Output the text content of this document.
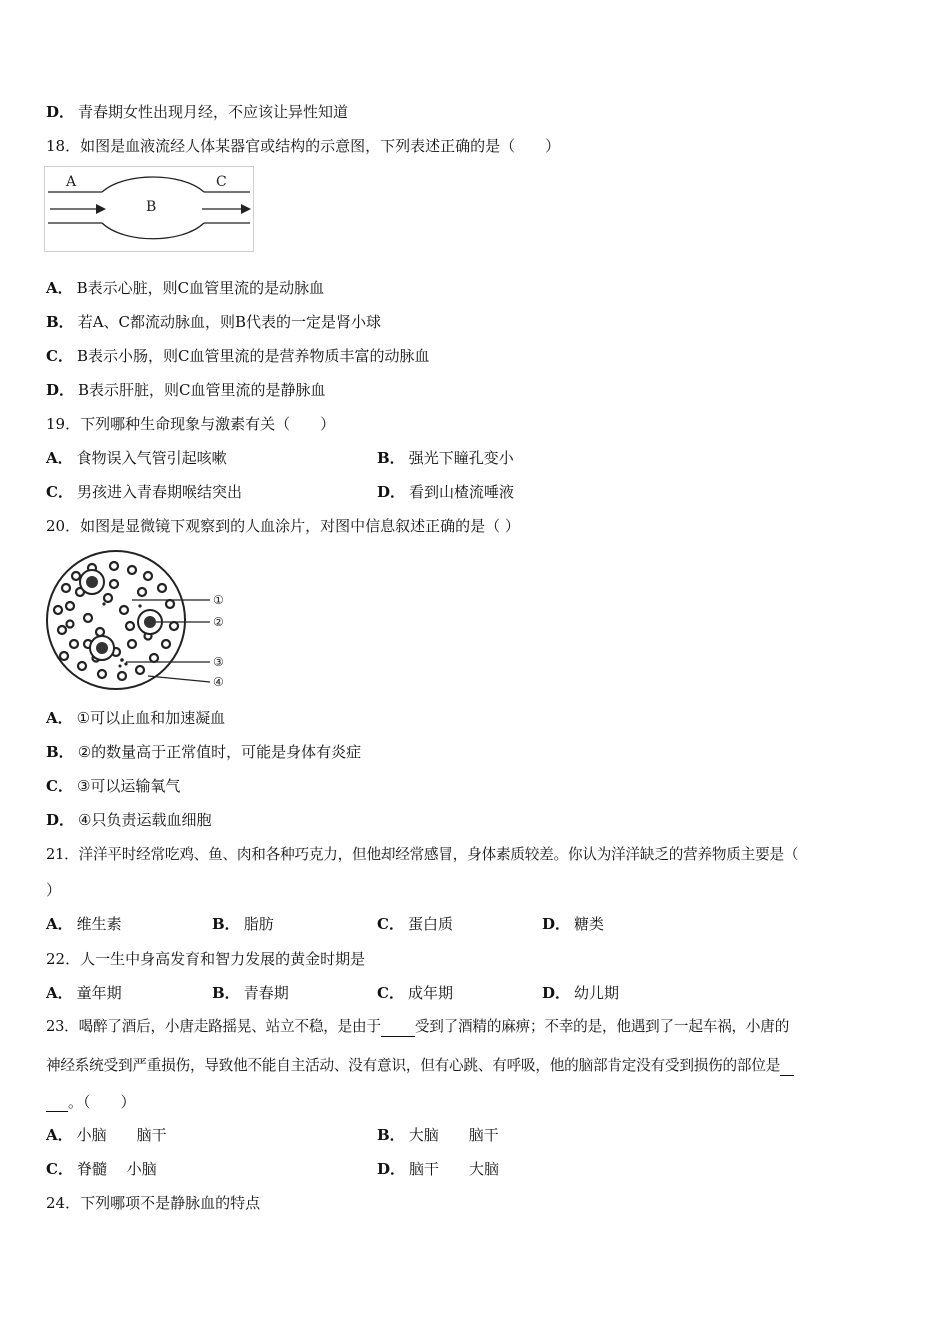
D． 青春期女性出现月经，不应该让异性知道
18．如图是血液流经人体某器官或结构的示意图，下列表述正确的是（　　）
A
B
C
A． B表示心脏，则C血管里流的是动脉血
B． 若A、C都流动脉血，则B代表的一定是肾小球
C． B表示小肠，则C血管里流的是营养物质丰富的动脉血
D． B表示肝脏，则C血管里流的是静脉血
19．下列哪种生命现象与激素有关（　　）
A． 食物误入气管引起咳嗽	B． 强光下瞳孔变小
C． 男孩进入青春期喉结突出	D． 看到山楂流唾液
20．如图是显微镜下观察到的人血涂片，对图中信息叙述正确的是（ ）
①
②
③
④
A． ①可以止血和加速凝血
B． ②的数量高于正常值时，可能是身体有炎症
C． ③可以运输氧气
D． ④只负责运载血细胞
21．洋洋平时经常吃鸡、鱼、肉和各种巧克力，但他却经常感冒，身体素质较差。你认为洋洋缺乏的营养物质主要是（
）
A． 维生素	B． 脂肪	C． 蛋白质	D． 糖类
22．人一生中身高发育和智力发展的黄金时期是
A． 童年期	B． 青春期	C． 成年期	D． 幼儿期
23．喝醉了酒后，小唐走路摇晃、站立不稳，是由于 受到了酒精的麻痹；不幸的是，他遇到了一起车祸，小唐的
神经系统受到严重损伤，导致他不能自主活动、没有意识，但有心跳、有呼吸，他的脑部肯定没有受到损伤的部位是
。（　　）
A． 小脑　　脑干	B． 大脑　　脑干
C． 脊髓　 小脑	D． 脑干　　大脑
24．下列哪项不是静脉血的特点
